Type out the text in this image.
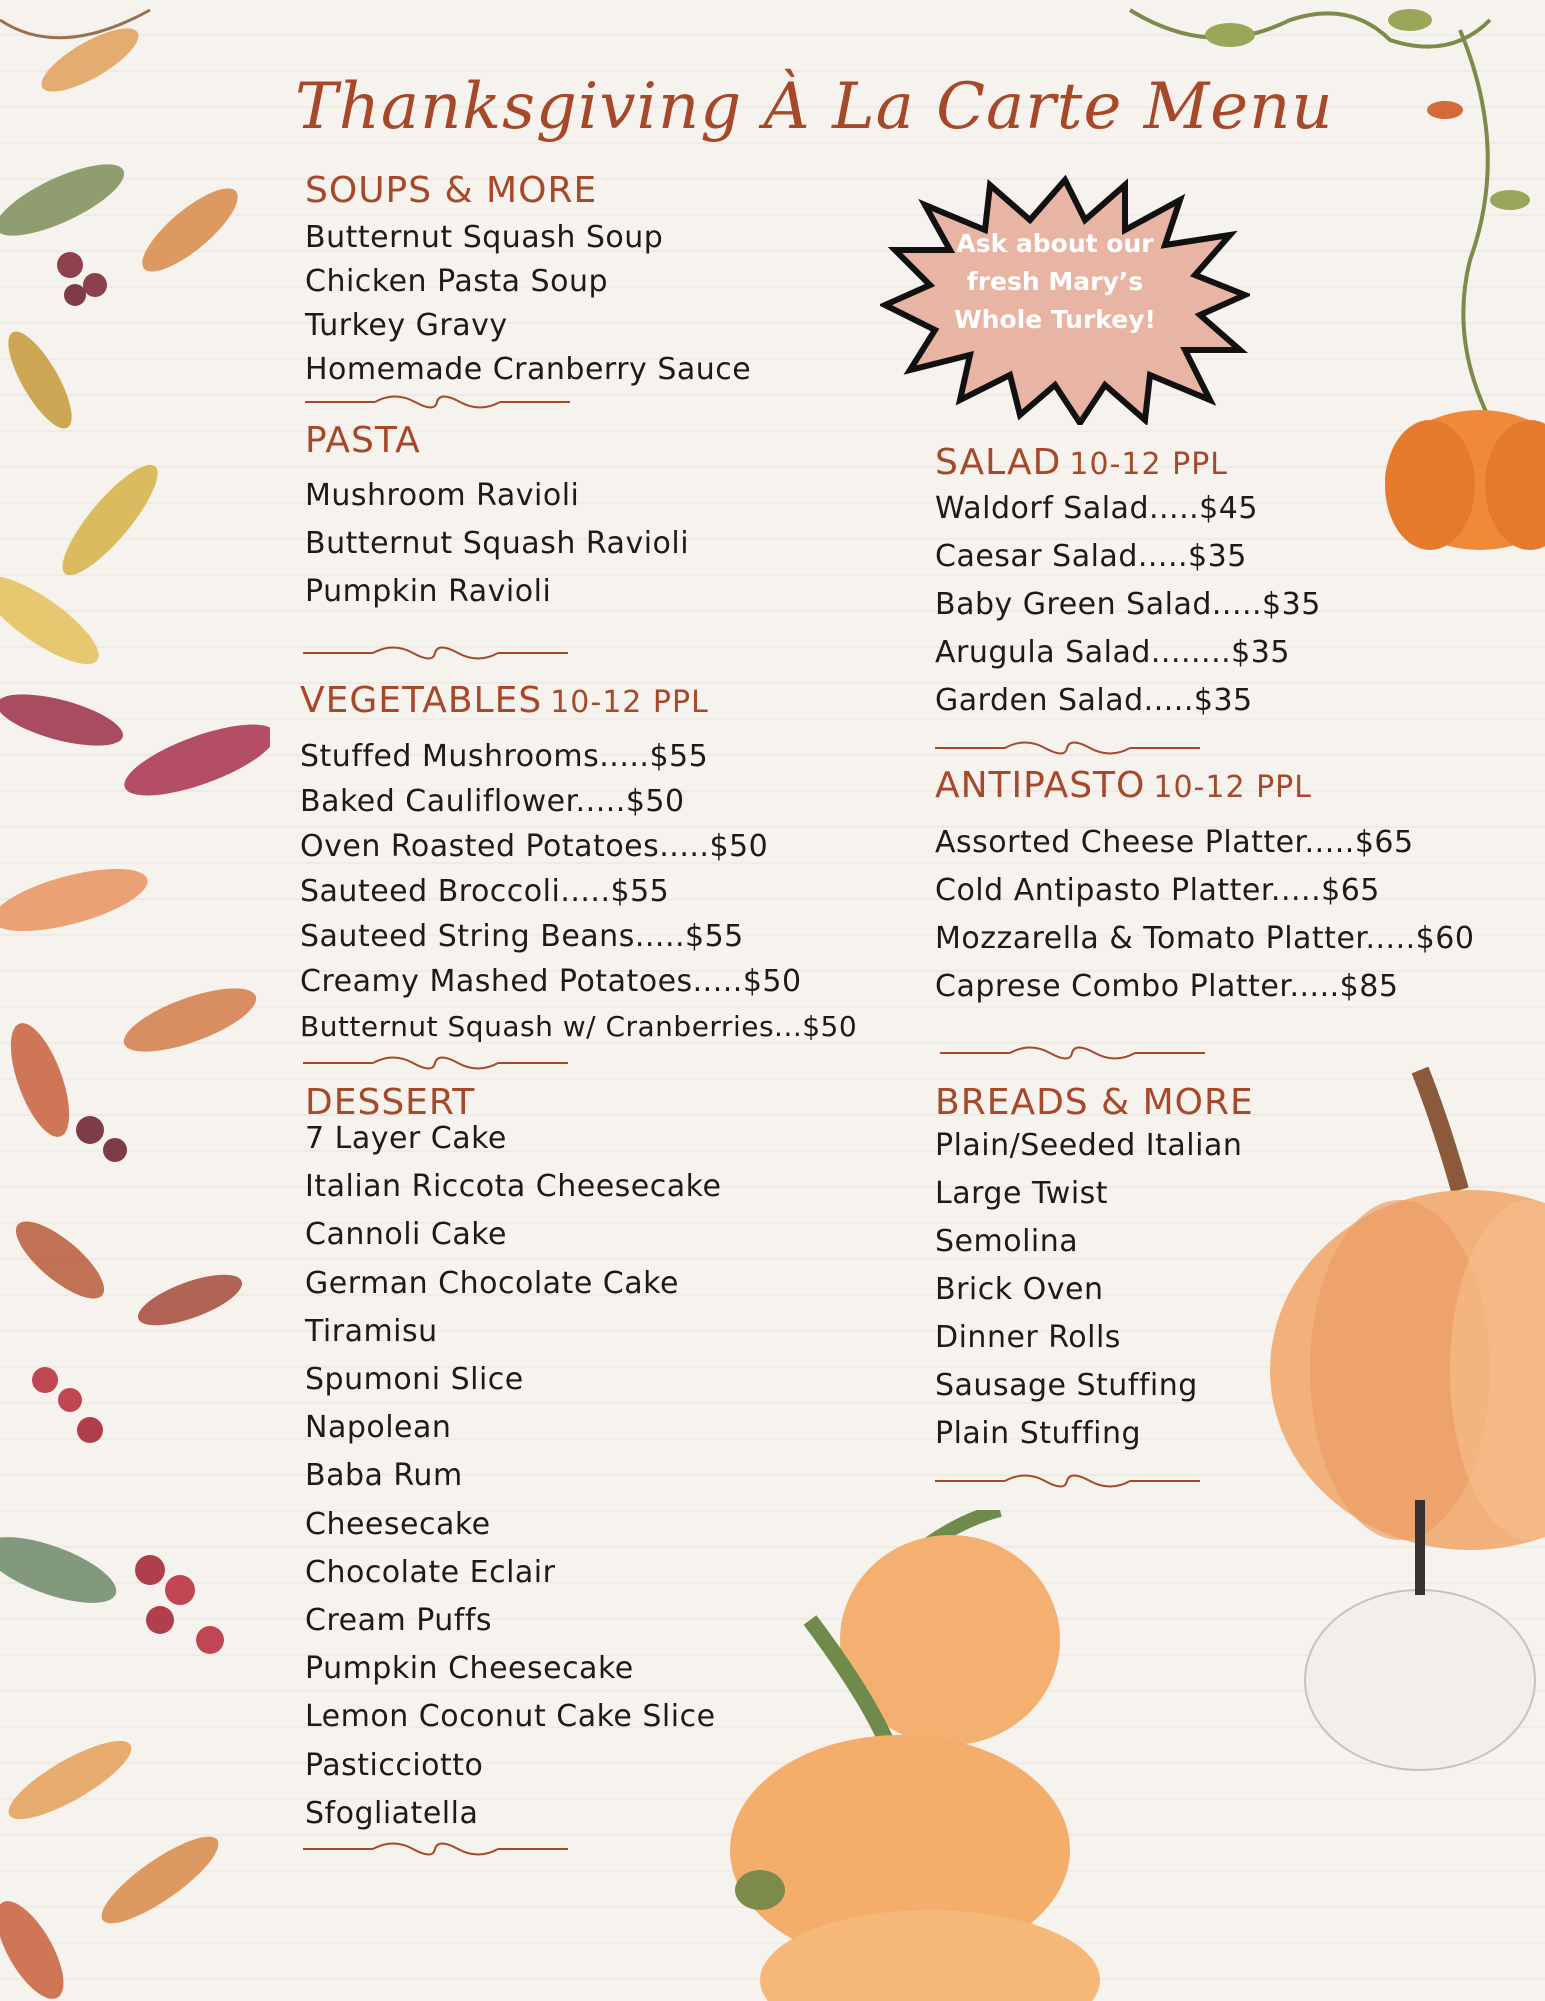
Thanksgiving À La Carte Menu
Ask about our
fresh Mary’s
Whole Turkey!
SOUPS & MORE
Butternut Squash Soup
Chicken Pasta Soup
Turkey Gravy
Homemade Cranberry Sauce
PASTA
Mushroom Ravioli
Butternut Squash Ravioli
Pumpkin Ravioli
VEGETABLES 10-12 PPL
Stuffed Mushrooms.....$55
Baked Cauliflower.....$50
Oven Roasted Potatoes.....$50
Sauteed Broccoli.....$55
Sauteed String Beans.....$55
Creamy Mashed Potatoes.....$50
Butternut Squash w/ Cranberries...$50
DESSERT
7 Layer Cake
Italian Riccota Cheesecake
Cannoli Cake
German Chocolate Cake
Tiramisu
Spumoni Slice
Napolean
Baba Rum
Cheesecake
Chocolate Eclair
Cream Puffs
Pumpkin Cheesecake
Lemon Coconut Cake Slice
Pasticciotto
Sfogliatella
SALAD 10-12 PPL
Waldorf Salad.....$45
Caesar Salad.....$35
Baby Green Salad.....$35
Arugula Salad........$35
Garden Salad.....$35
ANTIPASTO 10-12 PPL
Assorted Cheese Platter.....$65
Cold Antipasto Platter.....$65
Mozzarella & Tomato Platter.....$60
Caprese Combo Platter.....$85
BREADS & MORE
Plain/Seeded Italian
Large Twist
Semolina
Brick Oven
Dinner Rolls
Sausage Stuffing
Plain Stuffing
